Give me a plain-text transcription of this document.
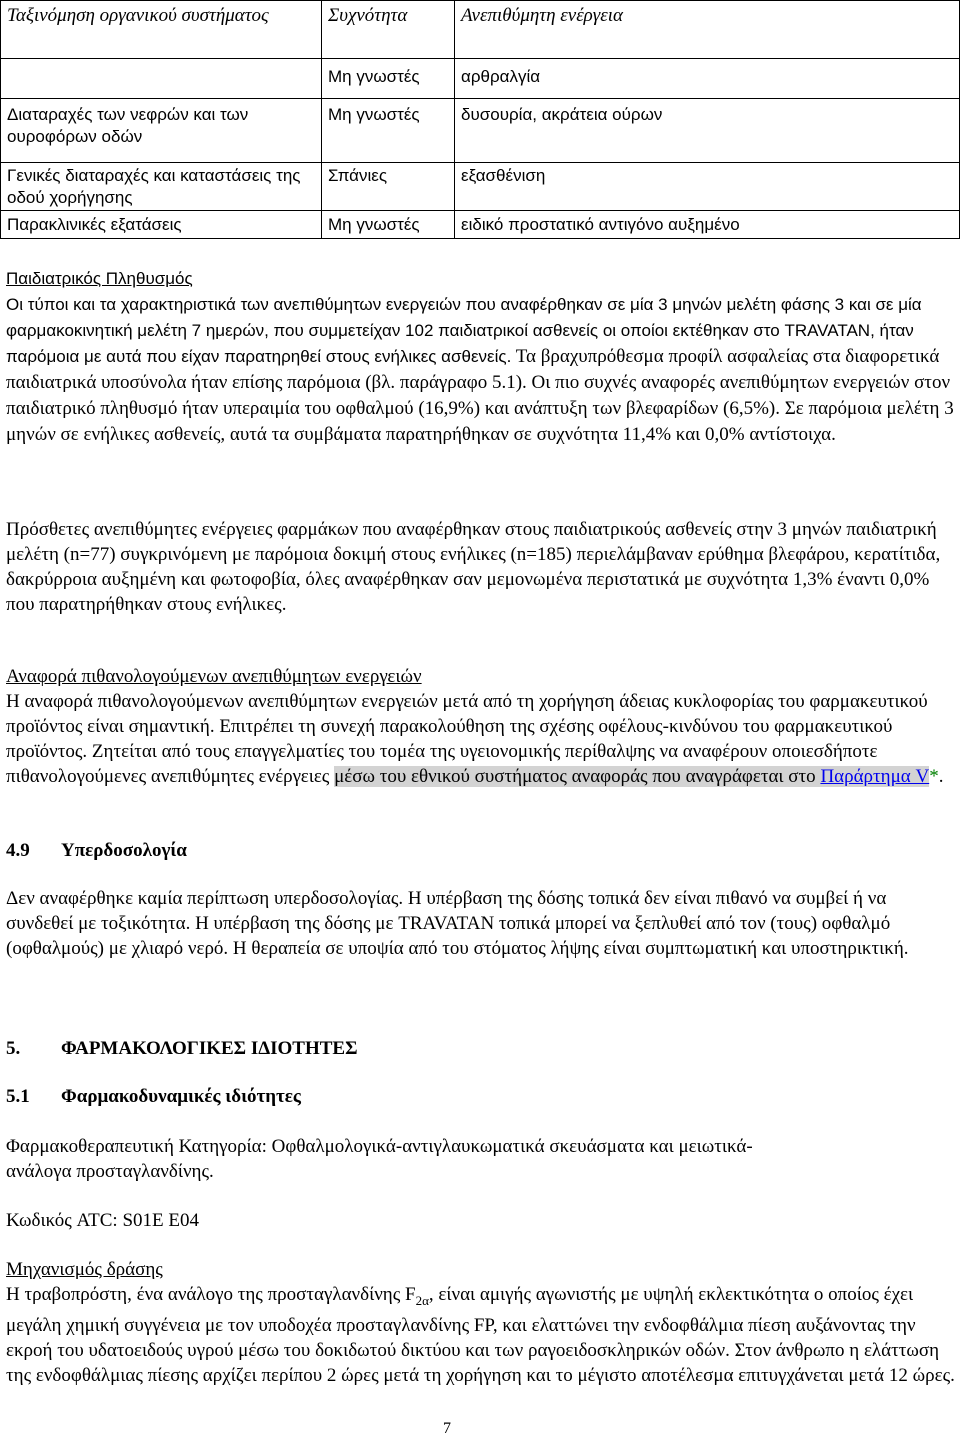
Ταξινόμηση οργανικού συστήματος	Συχνότητα	Ανεπιθύμητη ενέργεια
	Μη γνωστές	αρθραλγία
Διαταραχές των νεφρών και των ουροφόρων οδών	Μη γνωστές	δυσουρία, ακράτεια ούρων
Γενικές διαταραχές και καταστάσεις της οδού χορήγησης	Σπάνιες	εξασθένιση
Παρακλινικές εξατάσεις	Μη γνωστές	ειδικό προστατικό αντιγόνο αυξημένο
Παιδιατρικός Πληθυσμός
Οι τύποι και τα χαρακτηριστικά των ανεπιθύμητων ενεργειών που αναφέρθηκαν σε μία 3 μηνών μελέτη φάσης 3 και σε μία φαρμακοκινητική μελέτη 7 ημερών, που συμμετείχαν 102 παιδιατρικοί ασθενείς οι οποίοι εκτέθηκαν στο TRAVATAN, ήταν παρόμοια με αυτά που είχαν παρατηρηθεί στους ενήλικες ασθενείς. Τα βραχυπρόθεσμα προφίλ ασφαλείας στα διαφορετικά παιδιατρικά υποσύνολα ήταν επίσης παρόμοια (βλ. παράγραφο 5.1). Οι πιο συχνές αναφορές ανεπιθύμητων ενεργειών στον παιδιατρικό πληθυσμό ήταν υπεραιμία του οφθαλμού (16,9%) και ανάπτυξη των βλεφαρίδων (6,5%). Σε παρόμοια μελέτη 3 μηνών σε ενήλικες ασθενείς, αυτά τα συμβάματα παρατηρήθηκαν σε συχνότητα 11,4% και 0,0% αντίστοιχα.
Πρόσθετες ανεπιθύμητες ενέργειες φαρμάκων που αναφέρθηκαν στους παιδιατρικούς ασθενείς στην 3 μηνών παιδιατρική μελέτη (n=77) συγκρινόμενη με παρόμοια δοκιμή στους ενήλικες (n=185) περιελάμβαναν ερύθημα βλεφάρου, κερατίτιδα, δακρύρροια αυξημένη και φωτοφοβία, όλες αναφέρθηκαν σαν μεμονωμένα περιστατικά με συχνότητα 1,3% έναντι 0,0% που παρατηρήθηκαν στους ενήλικες.
Αναφορά πιθανολογούμενων ανεπιθύμητων ενεργειών
Η αναφορά πιθανολογούμενων ανεπιθύμητων ενεργειών μετά από τη χορήγηση άδειας κυκλοφορίας του φαρμακευτικού προϊόντος είναι σημαντική. Επιτρέπει τη συνεχή παρακολούθηση της σχέσης οφέλους-κινδύνου του φαρμακευτικού προϊόντος. Ζητείται από τους επαγγελματίες του τομέα της υγειονομικής περίθαλψης να αναφέρουν οποιεσδήποτε πιθανολογούμενες ανεπιθύμητες ενέργειες μέσω του εθνικού συστήματος αναφοράς που αναγράφεται στο Παράρτημα V*.
4.9 Υπερδοσολογία
Δεν αναφέρθηκε καμία περίπτωση υπερδοσολογίας. Η υπέρβαση της δόσης τοπικά δεν είναι πιθανό να συμβεί ή να συνδεθεί με τοξικότητα. Η υπέρβαση της δόσης με TRAVATAN τοπικά μπορεί να ξεπλυθεί από τον (τους) οφθαλμό (οφθαλμούς) με χλιαρό νερό. Η θεραπεία σε υποψία από του στόματος λήψης είναι συμπτωματική και υποστηρικτική.
5. ΦΑΡΜΑΚΟΛΟΓΙΚΕΣ ΙΔΙΟΤΗΤΕΣ
5.1 Φαρμακοδυναμικές ιδιότητες
Φαρμακοθεραπευτική Κατηγορία: Οφθαλμολογικά-αντιγλαυκωματικά σκευάσματα και μειωτικά-ανάλογα προσταγλανδίνης.
Κωδικός ATC: S01E E04
Μηχανισμός δράσης
Η τραβοπρόστη, ένα ανάλογο της προσταγλανδίνης $F_{2\alpha}$, είναι αμιγής αγωνιστής με υψηλή εκλεκτικότητα ο οποίος έχει μεγάλη χημική συγγένεια με τον υποδοχέα προσταγλανδίνης FP, και ελαττώνει την ενδοφθάλμια πίεση αυξάνοντας την εκροή του υδατοειδούς υγρού μέσω του δοκιδωτού δικτύου και των ραγοειδοσκληρικών οδών. Στον άνθρωπο η ελάττωση της ενδοφθάλμιας πίεσης αρχίζει περίπου 2 ώρες μετά τη χορήγηση και το μέγιστο αποτέλεσμα επιτυγχάνεται μετά 12 ώρες.
7
